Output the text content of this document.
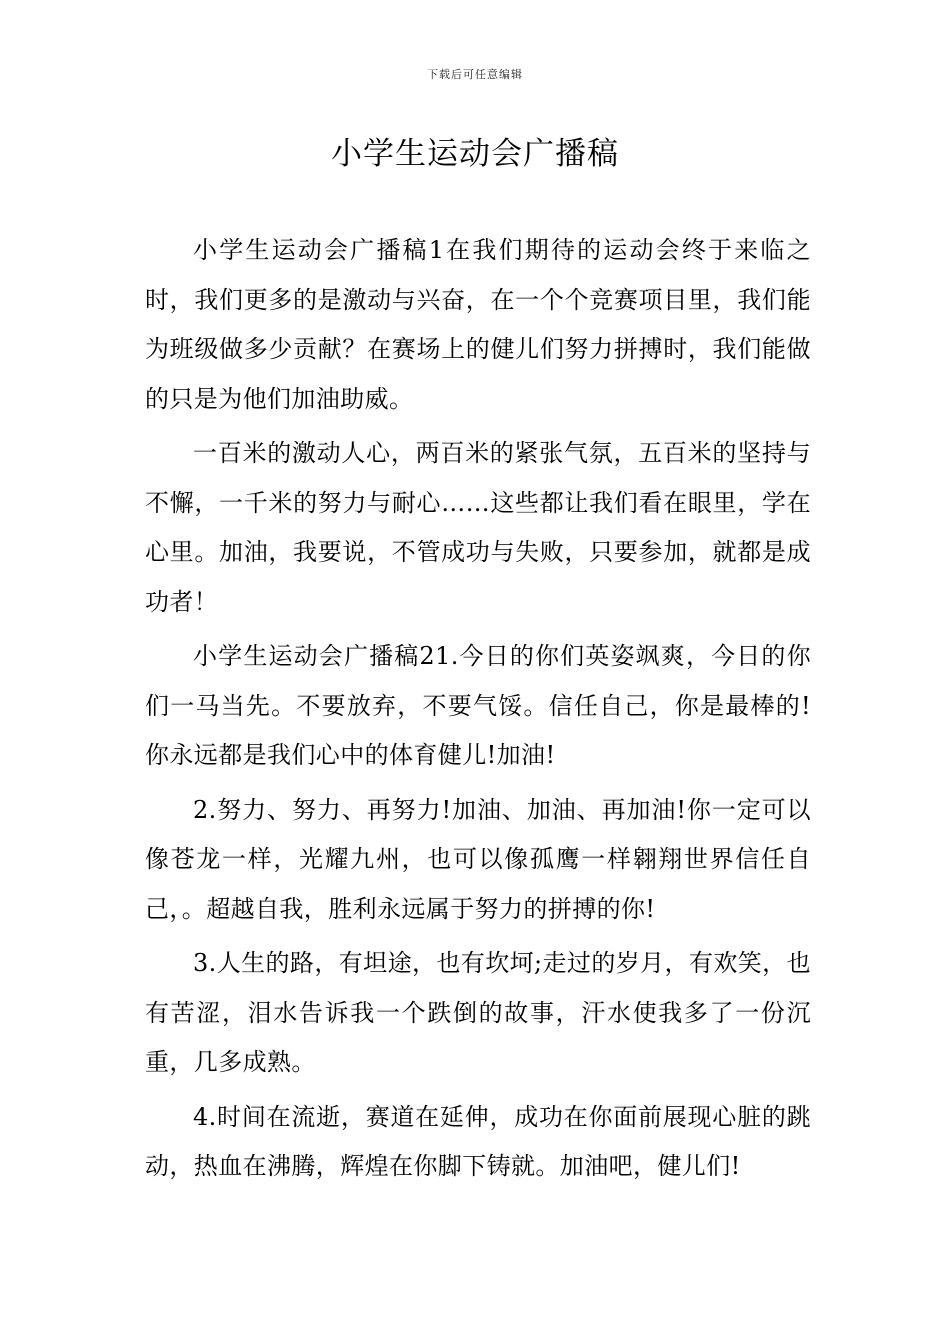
下载后可任意编辑
小学生运动会广播稿

小学生运动会广播稿1在我们期待的运动会终于来临之时，我们更多的是激动与兴奋，在一个个竞赛项目里，我们能为班级做多少贡献？在赛场上的健儿们努力拼搏时，我们能做的只是为他们加油助威。

一百米的激动人心，两百米的紧张气氛，五百米的坚持与不懈，一千米的努力与耐心……这些都让我们看在眼里，学在心里。加油，我要说，不管成功与失败，只要参加，就都是成功者！

小学生运动会广播稿21.今日的你们英姿飒爽，今日的你们一马当先。不要放弃，不要气馁。信任自己，你是最棒的!你永远都是我们心中的体育健儿!加油!

2.努力、努力、再努力!加油、加油、再加油!你一定可以像苍龙一样，光耀九州，也可以像孤鹰一样翱翔世界信任自己，。超越自我，胜利永远属于努力的拼搏的你!

3.人生的路，有坦途，也有坎坷;走过的岁月，有欢笑，也有苦涩，泪水告诉我一个跌倒的故事，汗水使我多了一份沉重，几多成熟。

4.时间在流逝，赛道在延伸，成功在你面前展现心脏的跳动，热血在沸腾，辉煌在你脚下铸就。加油吧，健儿们!
